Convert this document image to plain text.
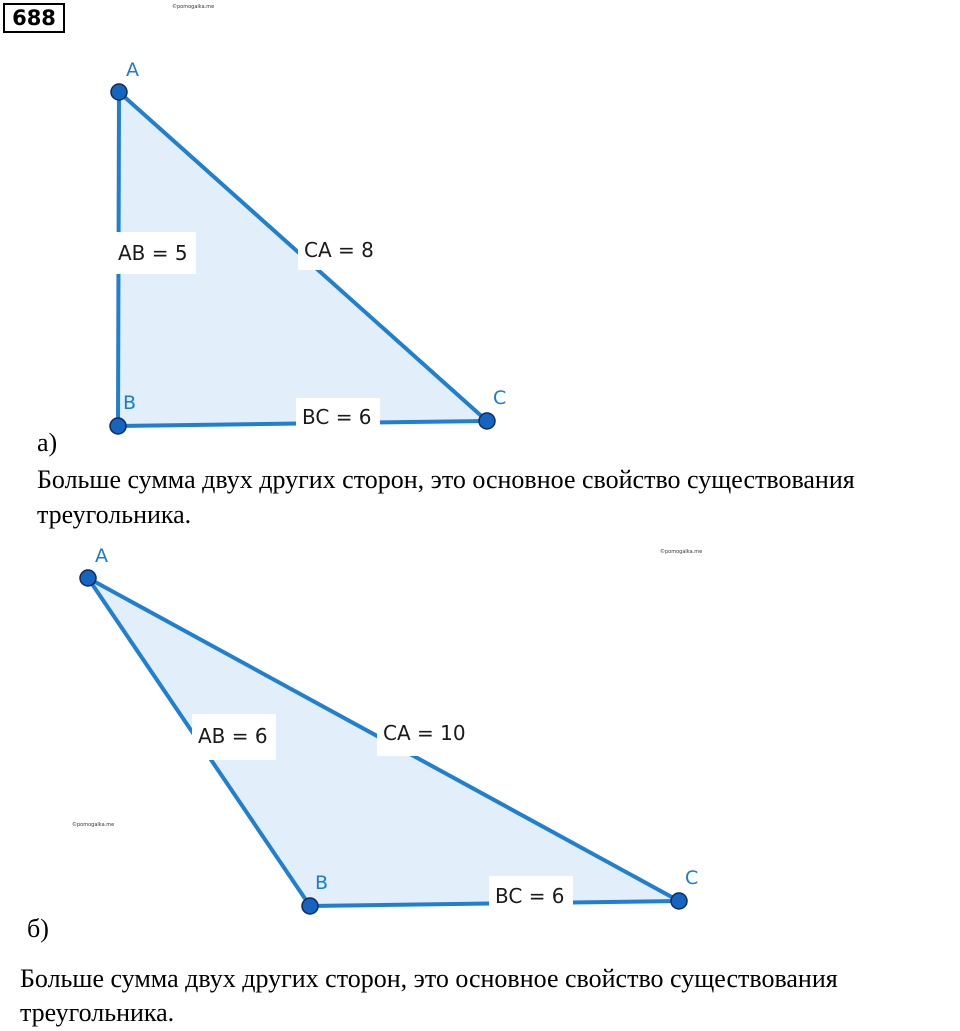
688	©pomogalka.me
©pomogalka.me
©pomogalka.me
AB = 5	CA = 8
BC = 6
A
B	C
AB = 6	CA = 10
BC = 6
A
B	C
а)
Больше сумма двух других сторон, это основное свойство существования
треугольника.
б)
Больше сумма двух других сторон, это основное свойство существования
треугольника.
